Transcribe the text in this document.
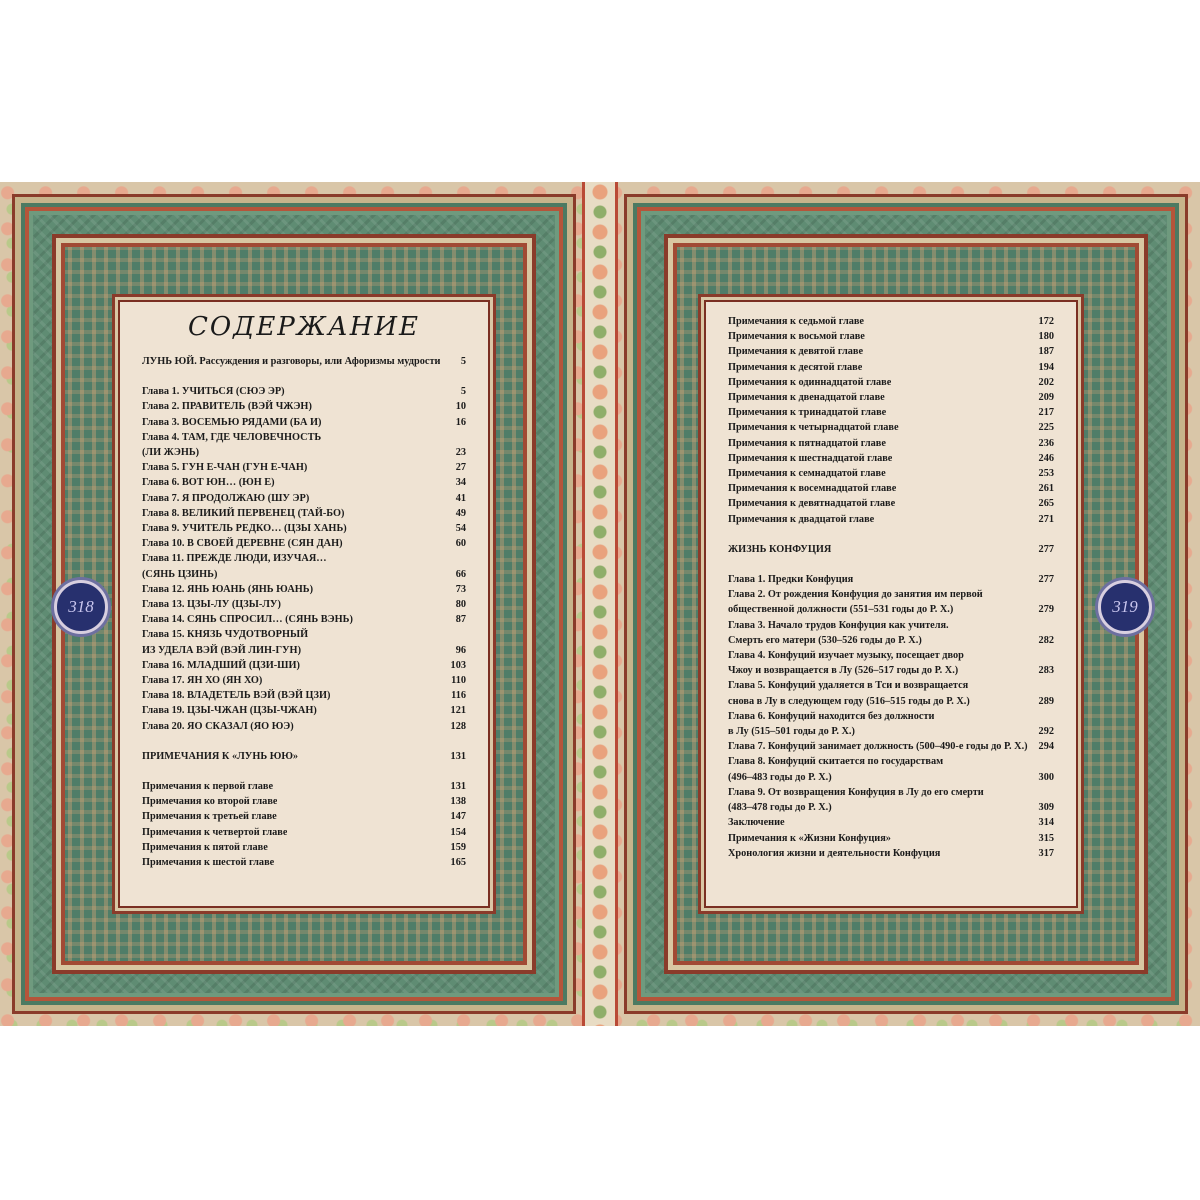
318
СОДЕРЖАНИЕ
ЛУНЬ ЮЙ. Рассуждения и разговоры, или Афоризмы мудрости	5
Глава 1. УЧИТЬСЯ (СЮЭ ЭР)	5
Глава 2. ПРАВИТЕЛЬ (ВЭЙ ЧЖЭН)	10
Глава 3. ВОСЕМЬЮ РЯДАМИ (БА И)	16
Глава 4. ТАМ, ГДЕ ЧЕЛОВЕЧНОСТЬ
(ЛИ ЖЭНЬ)	23
Глава 5. ГУН Е-ЧАН (ГУН Е-ЧАН)	27
Глава 6. ВОТ ЮН… (ЮН Е)	34
Глава 7. Я ПРОДОЛЖАЮ (ШУ ЭР)	41
Глава 8. ВЕЛИКИЙ ПЕРВЕНЕЦ (ТАЙ-БО)	49
Глава 9. УЧИТЕЛЬ РЕДКО… (ЦЗЫ ХАНЬ)	54
Глава 10. В СВОЕЙ ДЕРЕВНЕ (СЯН ДАН)	60
Глава 11. ПРЕЖДЕ ЛЮДИ, ИЗУЧАЯ…
(СЯНЬ ЦЗИНЬ)	66
Глава 12. ЯНЬ ЮАНЬ (ЯНЬ ЮАНЬ)	73
Глава 13. ЦЗЫ-ЛУ (ЦЗЫ-ЛУ)	80
Глава 14. СЯНЬ СПРОСИЛ… (СЯНЬ ВЭНЬ)	87
Глава 15. КНЯЗЬ ЧУДОТВОРНЫЙ
ИЗ УДЕЛА ВЭЙ (ВЭЙ ЛИН-ГУН)	96
Глава 16. МЛАДШИЙ (ЦЗИ-ШИ)	103
Глава 17. ЯН ХО (ЯН ХО)	110
Глава 18. ВЛАДЕТЕЛЬ ВЭЙ (ВЭЙ ЦЗИ)	116
Глава 19. ЦЗЫ-ЧЖАН (ЦЗЫ-ЧЖАН)	121
Глава 20. ЯО СКАЗАЛ (ЯО ЮЭ)	128
ПРИМЕЧАНИЯ К «ЛУНЬ ЮЮ»	131
Примечания к первой главе	131
Примечания ко второй главе	138
Примечания к третьей главе	147
Примечания к четвертой главе	154
Примечания к пятой главе	159
Примечания к шестой главе	165
319
Примечания к седьмой главе	172
Примечания к восьмой главе	180
Примечания к девятой главе	187
Примечания к десятой главе	194
Примечания к одиннадцатой главе	202
Примечания к двенадцатой главе	209
Примечания к тринадцатой главе	217
Примечания к четырнадцатой главе	225
Примечания к пятнадцатой главе	236
Примечания к шестнадцатой главе	246
Примечания к семнадцатой главе	253
Примечания к восемнадцатой главе	261
Примечания к девятнадцатой главе	265
Примечания к двадцатой главе	271
ЖИЗНЬ КОНФУЦИЯ	277
Глава 1. Предки Конфуция	277
Глава 2. От рождения Конфуция до занятия им первой
общественной должности (551–531 годы до Р. Х.)	279
Глава 3. Начало трудов Конфуция как учителя.
Смерть его матери (530–526 годы до Р. Х.)	282
Глава 4. Конфуций изучает музыку, посещает двор
Чжоу и возвращается в Лу (526–517 годы до Р. Х.)	283
Глава 5. Конфуций удаляется в Тси и возвращается
снова в Лу в следующем году (516–515 годы до Р. Х.)	289
Глава 6. Конфуций находится без должности
в Лу (515–501 годы до Р. Х.)	292
Глава 7. Конфуций занимает должность (500–490-е годы до Р. Х.)	294
Глава 8. Конфуций скитается по государствам
(496–483 годы до Р. Х.)	300
Глава 9. От возвращения Конфуция в Лу до его смерти
(483–478 годы до Р. Х.)	309
Заключение	314
Примечания к «Жизни Конфуция»	315
Хронология жизни и деятельности Конфуция	317
